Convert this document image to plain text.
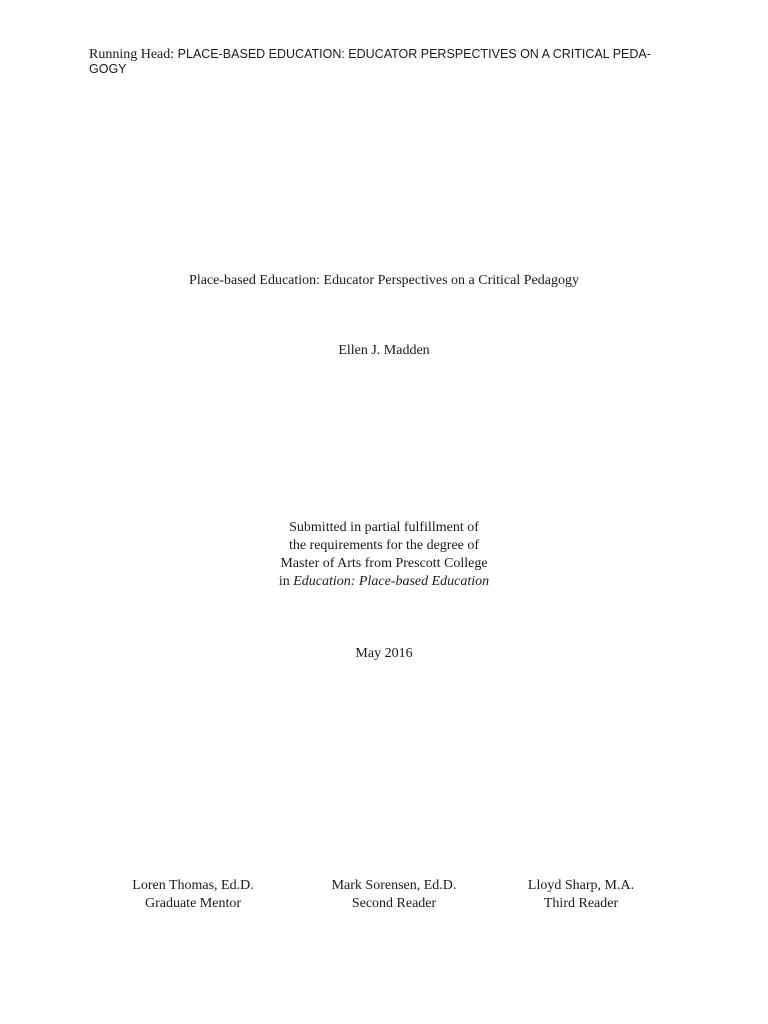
Running Head: PLACE-BASED EDUCATION: EDUCATOR PERSPECTIVES ON A CRITICAL PEDA-
GOGY
Place-based Education: Educator Perspectives on a Critical Pedagogy
Ellen J. Madden
Submitted in partial fulfillment of
the requirements for the degree of
Master of Arts from Prescott College
in Education: Place-based Education
May 2016
Loren Thomas, Ed.D.
Graduate Mentor
Mark Sorensen, Ed.D.
Second Reader
Lloyd Sharp, M.A.
Third Reader
